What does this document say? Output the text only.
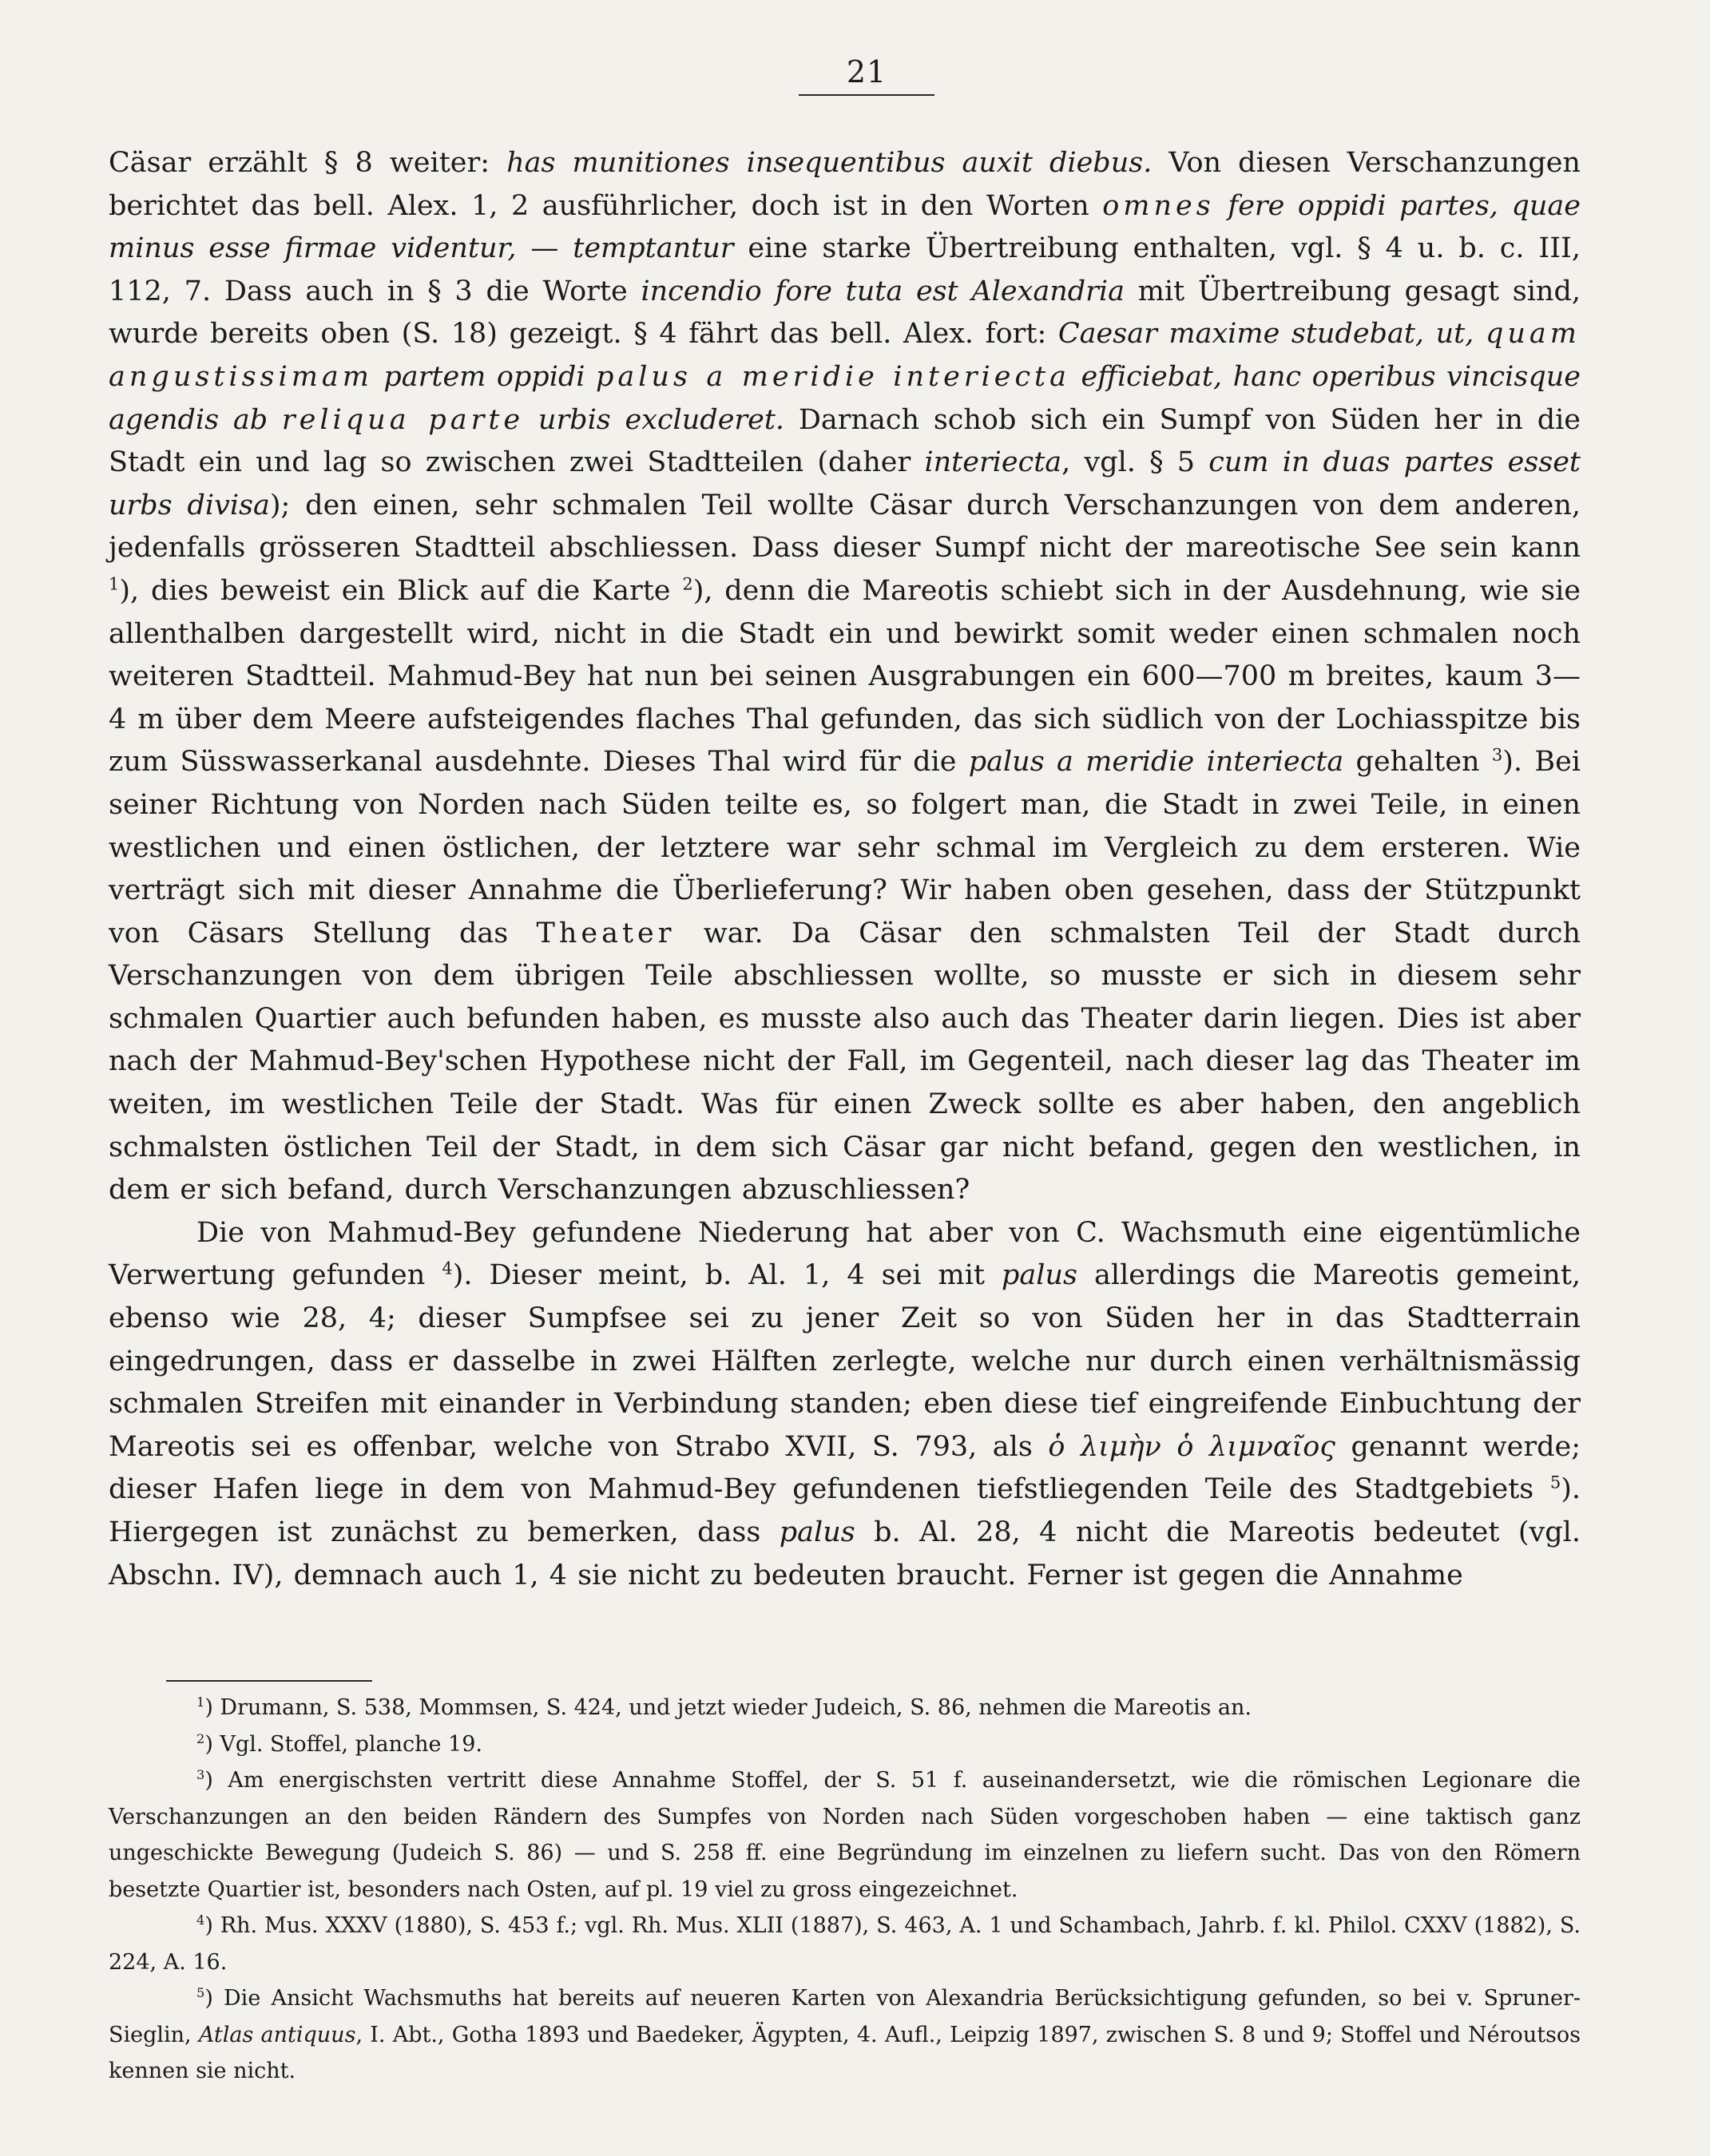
21

Cäsar erzählt § 8 weiter: has munitiones insequentibus auxit diebus. Von diesen Verschanzungen berichtet das bell. Alex. 1, 2 ausführlicher, doch ist in den Worten omnes fere oppidi partes, quae minus esse firmae videntur, — temptantur eine starke Übertreibung enthalten, vgl. § 4 u. b. c. III, 112, 7. Dass auch in § 3 die Worte incendio fore tuta est Alexandria mit Übertreibung gesagt sind, wurde bereits oben (S. 18) gezeigt. § 4 fährt das bell. Alex. fort: Caesar maxime studebat, ut, quam angustissimam partem oppidi palus a meridie interiecta efficiebat, hanc operibus vincisque agendis ab reliqua parte urbis excluderet. Darnach schob sich ein Sumpf von Süden her in die Stadt ein und lag so zwischen zwei Stadtteilen (daher interiecta, vgl. § 5 cum in duas partes esset urbs divisa); den einen, sehr schmalen Teil wollte Cäsar durch Verschanzungen von dem anderen, jedenfalls grösseren Stadtteil abschliessen. Dass dieser Sumpf nicht der mareotische See sein kann $^1$), dies beweist ein Blick auf die Karte $^2$), denn die Mareotis schiebt sich in der Ausdehnung, wie sie allenthalben dargestellt wird, nicht in die Stadt ein und bewirkt somit weder einen schmalen noch weiteren Stadtteil. Mahmud-Bey hat nun bei seinen Ausgrabungen ein 600—700 m breites, kaum 3—4 m über dem Meere aufsteigendes flaches Thal gefunden, das sich südlich von der Lochiasspitze bis zum Süsswasserkanal ausdehnte. Dieses Thal wird für die palus a meridie interiecta gehalten $^3$). Bei seiner Richtung von Norden nach Süden teilte es, so folgert man, die Stadt in zwei Teile, in einen westlichen und einen östlichen, der letztere war sehr schmal im Vergleich zu dem ersteren. Wie verträgt sich mit dieser Annahme die Überlieferung? Wir haben oben gesehen, dass der Stützpunkt von Cäsars Stellung das Theater war. Da Cäsar den schmalsten Teil der Stadt durch Verschanzungen von dem übrigen Teile abschliessen wollte, so musste er sich in diesem sehr schmalen Quartier auch befunden haben, es musste also auch das Theater darin liegen. Dies ist aber nach der Mahmud-Bey'schen Hypothese nicht der Fall, im Gegenteil, nach dieser lag das Theater im weiten, im westlichen Teile der Stadt. Was für einen Zweck sollte es aber haben, den angeblich schmalsten östlichen Teil der Stadt, in dem sich Cäsar gar nicht befand, gegen den westlichen, in dem er sich befand, durch Verschanzungen abzuschliessen?

Die von Mahmud-Bey gefundene Niederung hat aber von C. Wachsmuth eine eigentümliche Verwertung gefunden $^4$). Dieser meint, b. Al. 1, 4 sei mit palus allerdings die Mareotis gemeint, ebenso wie 28, 4; dieser Sumpfsee sei zu jener Zeit so von Süden her in das Stadtterrain eingedrungen, dass er dasselbe in zwei Hälften zerlegte, welche nur durch einen verhältnismässig schmalen Streifen mit einander in Verbindung standen; eben diese tief eingreifende Einbuchtung der Mareotis sei es offenbar, welche von Strabo XVII, S. 793, als ὁ λιμὴν ὁ λιμναῖος genannt werde; dieser Hafen liege in dem von Mahmud-Bey gefundenen tiefstliegenden Teile des Stadtgebiets $^5$). Hiergegen ist zunächst zu bemerken, dass palus b. Al. 28, 4 nicht die Mareotis bedeutet (vgl. Abschn. IV), demnach auch 1, 4 sie nicht zu bedeuten braucht. Ferner ist gegen die Annahme

$^1$) Drumann, S. 538, Mommsen, S. 424, und jetzt wieder Judeich, S. 86, nehmen die Mareotis an.

$^2$) Vgl. Stoffel, planche 19.

$^3$) Am energischsten vertritt diese Annahme Stoffel, der S. 51 f. auseinandersetzt, wie die römischen Legionare die Verschanzungen an den beiden Rändern des Sumpfes von Norden nach Süden vorgeschoben haben — eine taktisch ganz ungeschickte Bewegung (Judeich S. 86) — und S. 258 ff. eine Begründung im einzelnen zu liefern sucht. Das von den Römern besetzte Quartier ist, besonders nach Osten, auf pl. 19 viel zu gross eingezeichnet.

$^4$) Rh. Mus. XXXV (1880), S. 453 f.; vgl. Rh. Mus. XLII (1887), S. 463, A. 1 und Schambach, Jahrb. f. kl. Philol. CXXV (1882), S. 224, A. 16.

$^5$) Die Ansicht Wachsmuths hat bereits auf neueren Karten von Alexandria Berücksichtigung gefunden, so bei v. Spruner-Sieglin, Atlas antiquus, I. Abt., Gotha 1893 und Baedeker, Ägypten, 4. Aufl., Leipzig 1897, zwischen S. 8 und 9; Stoffel und Néroutsos kennen sie nicht.
